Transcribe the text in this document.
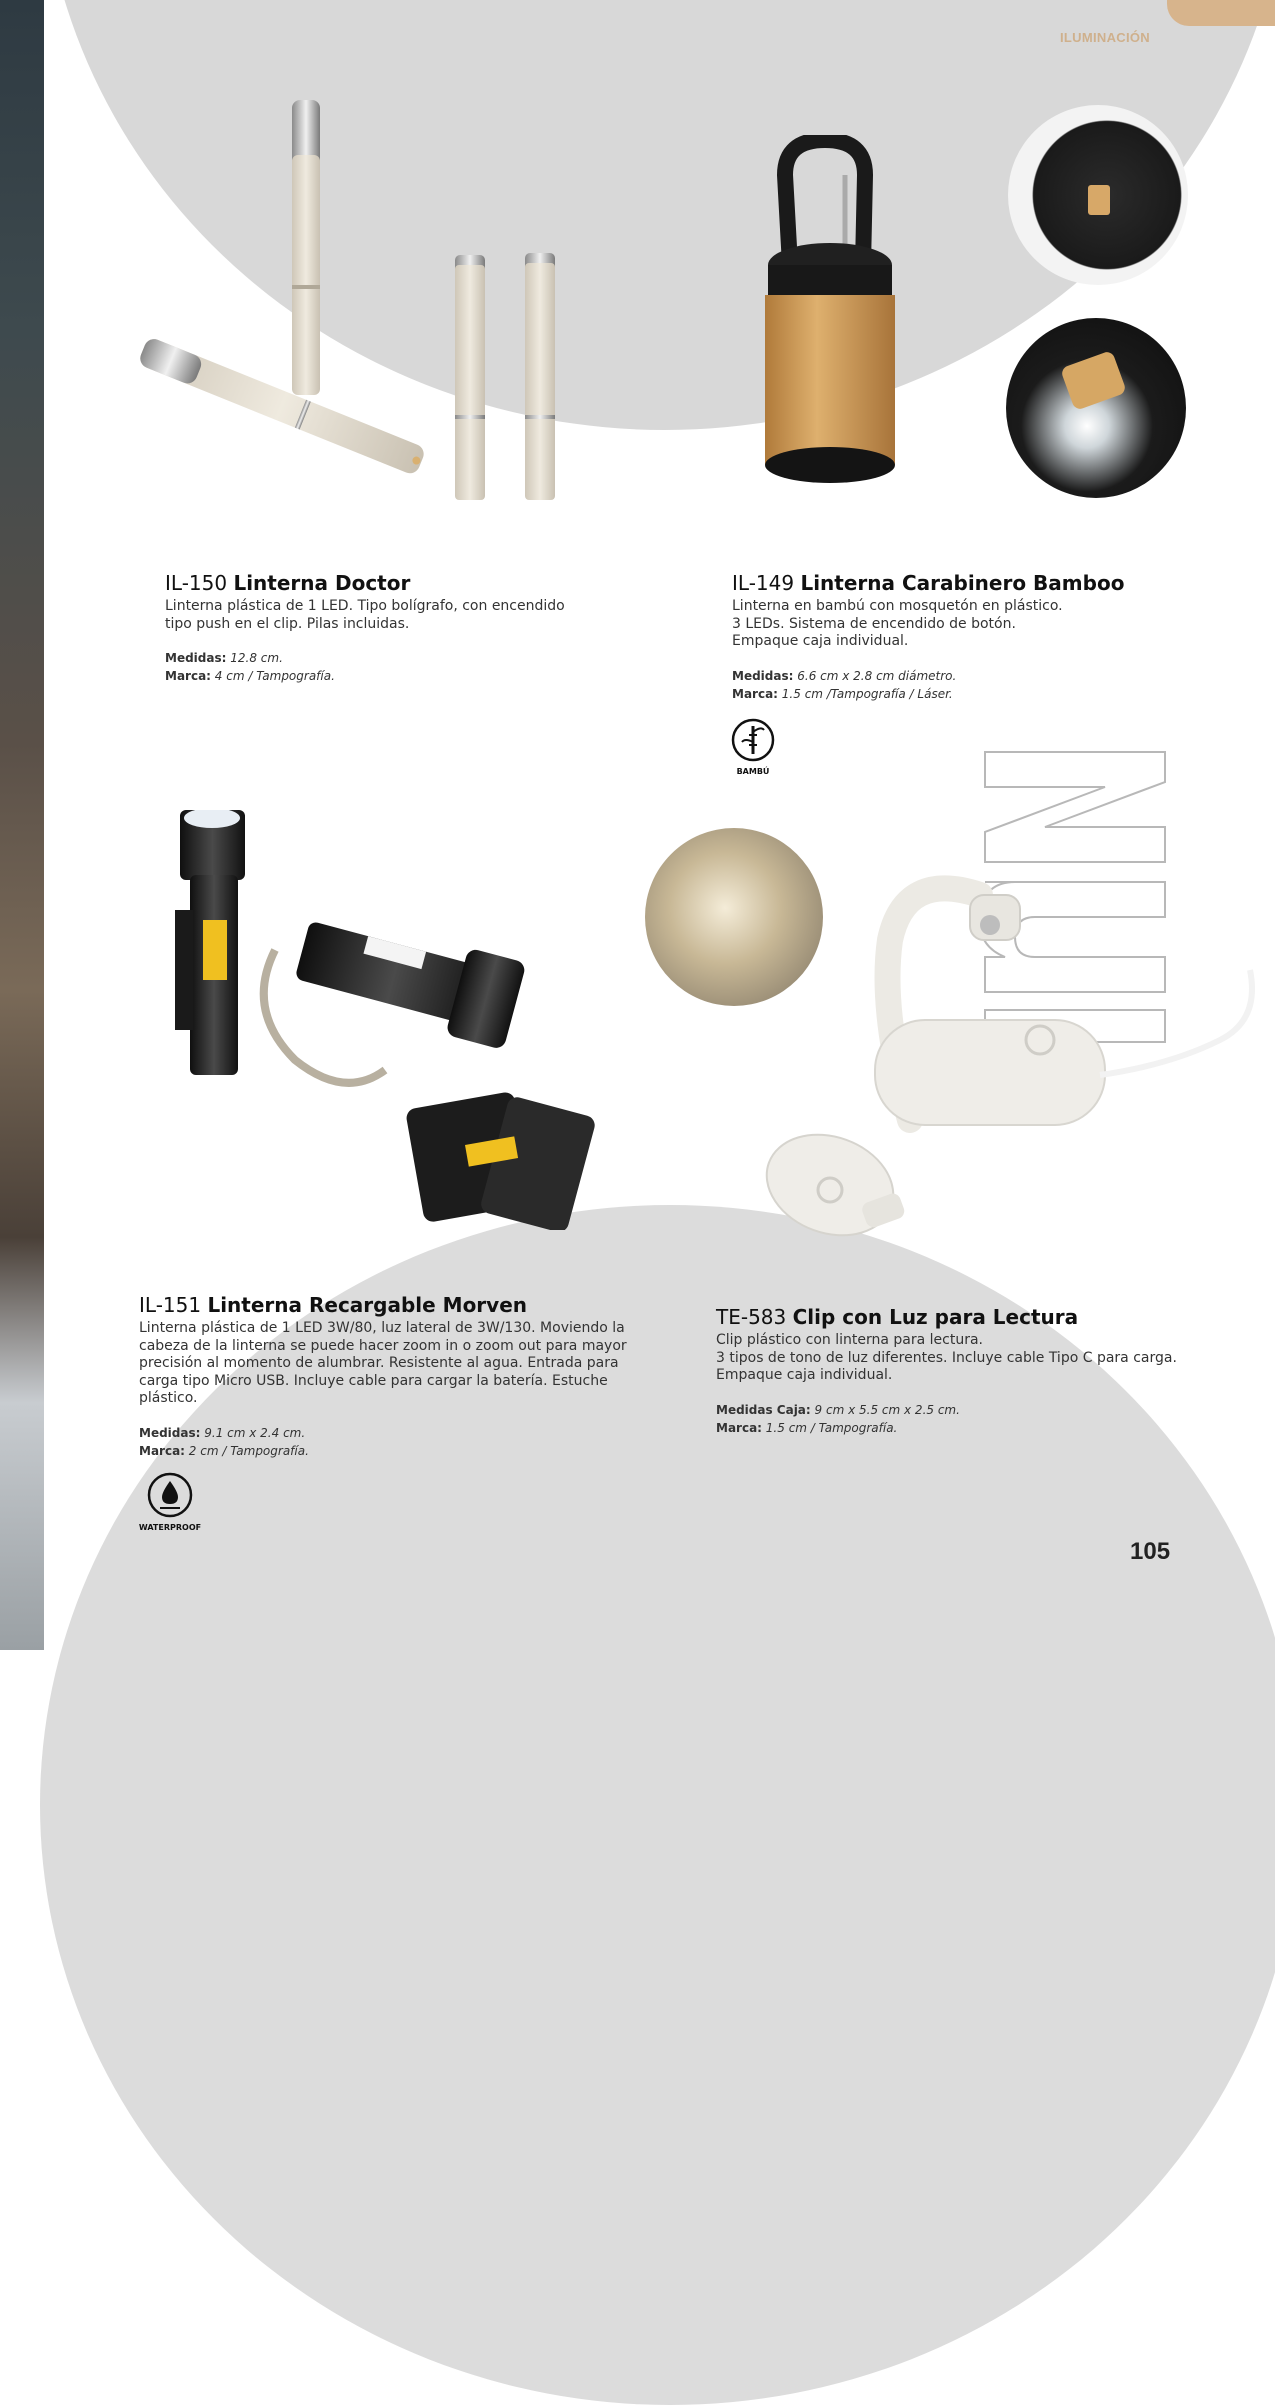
ILUMINACIÓN
IL-150 Linterna Doctor
Linterna plástica de 1 LED. Tipo bolígrafo, con encendido
tipo push en el clip. Pilas incluidas.
Medidas: 12.8 cm.
Marca: 4 cm / Tampografía.
IL-149 Linterna Carabinero Bamboo
Linterna en bambú con mosquetón en plástico.
3 LEDs. Sistema de encendido de botón.
Empaque caja individual.
Medidas: 6.6 cm x 2.8 cm diámetro.
Marca: 1.5 cm /Tampografía / Láser.
BAMBÚ
IL-151 Linterna Recargable Morven
Linterna plástica de 1 LED 3W/80, luz lateral de 3W/130. Moviendo la
cabeza de la linterna se puede hacer zoom in o zoom out para mayor
precisión al momento de alumbrar. Resistente al agua. Entrada para
carga tipo Micro USB. Incluye cable para cargar la batería. Estuche
plástico.
Medidas: 9.1 cm x 2.4 cm.
Marca: 2 cm / Tampografía.
WATERPROOF
TE-583 Clip con Luz para Lectura
Clip plástico con linterna para lectura.
3 tipos de tono de luz diferentes. Incluye cable Tipo C para carga.
Empaque caja individual.
Medidas Caja: 9 cm x 5.5 cm x 2.5 cm.
Marca: 1.5 cm / Tampografía.
105
